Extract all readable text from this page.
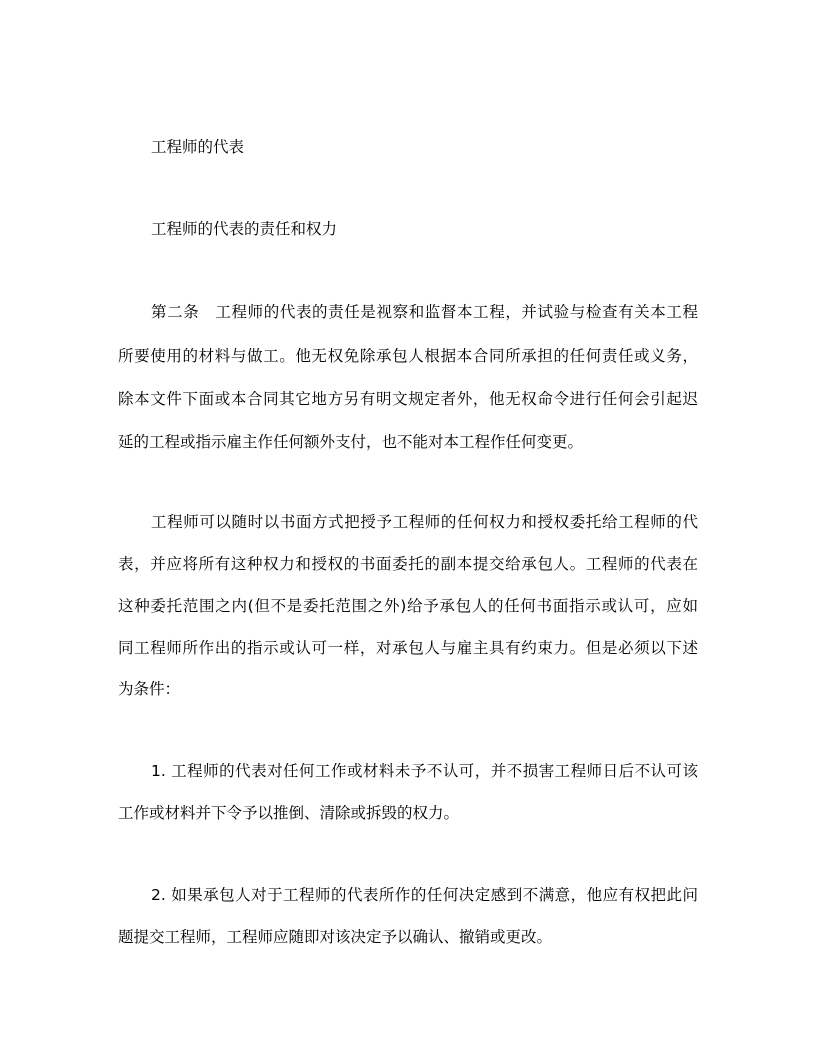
工程师的代表
工程师的代表的责任和权力
第二条　工程师的代表的责任是视察和监督本工程，并试验与检查有关本工程
所要使用的材料与做工。他无权免除承包人根据本合同所承担的任何责任或义务，
除本文件下面或本合同其它地方另有明文规定者外，他无权命令进行任何会引起迟
延的工程或指示雇主作任何额外支付，也不能对本工程作任何变更。
工程师可以随时以书面方式把授予工程师的任何权力和授权委托给工程师的代
表，并应将所有这种权力和授权的书面委托的副本提交给承包人。工程师的代表在
这种委托范围之内(但不是委托范围之外)给予承包人的任何书面指示或认可，应如
同工程师所作出的指示或认可一样，对承包人与雇主具有约束力。但是必须以下述
为条件：
1. 工程师的代表对任何工作或材料未予不认可，并不损害工程师日后不认可该
工作或材料并下令予以推倒、清除或拆毁的权力。
2. 如果承包人对于工程师的代表所作的任何决定感到不满意，他应有权把此问
题提交工程师，工程师应随即对该决定予以确认、撤销或更改。
